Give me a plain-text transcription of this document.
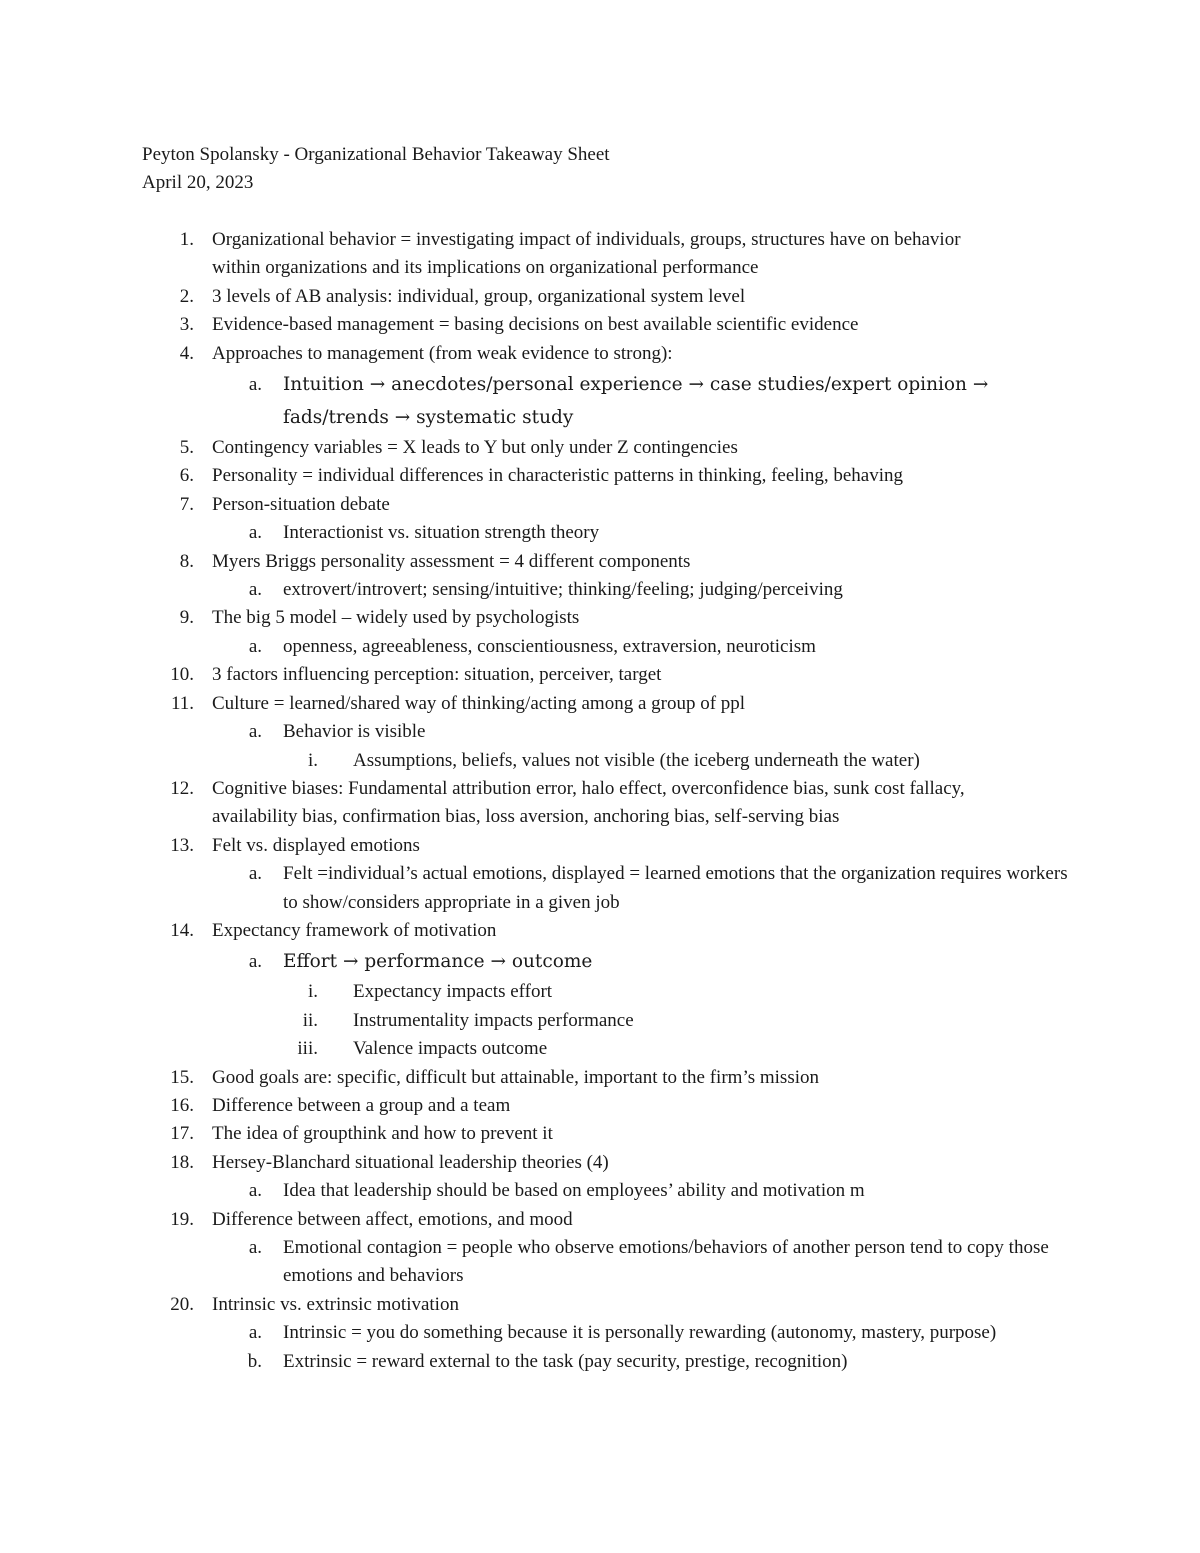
Peyton Spolansky - Organizational Behavior Takeaway Sheet
April 20, 2023
1. Organizational behavior = investigating impact of individuals, groups, structures have on behavior within organizations and its implications on organizational performance
2. 3 levels of AB analysis: individual, group, organizational system level
3. Evidence-based management = basing decisions on best available scientific evidence
4. Approaches to management (from weak evidence to strong):
a. Intuition → anecdotes/personal experience → case studies/expert opinion → fads/trends → systematic study
5. Contingency variables = X leads to Y but only under Z contingencies
6. Personality = individual differences in characteristic patterns in thinking, feeling, behaving
7. Person-situation debate
a. Interactionist vs. situation strength theory
8. Myers Briggs personality assessment = 4 different components
a. extrovert/introvert; sensing/intuitive; thinking/feeling; judging/perceiving
9. The big 5 model – widely used by psychologists
a. openness, agreeableness, conscientiousness, extraversion, neuroticism
10. 3 factors influencing perception: situation, perceiver, target
11. Culture = learned/shared way of thinking/acting among a group of ppl
a. Behavior is visible
i. Assumptions, beliefs, values not visible (the iceberg underneath the water)
12. Cognitive biases: Fundamental attribution error, halo effect, overconfidence bias, sunk cost fallacy, availability bias, confirmation bias, loss aversion, anchoring bias, self-serving bias
13. Felt vs. displayed emotions
a. Felt =individual’s actual emotions, displayed = learned emotions that the organization requires workers to show/considers appropriate in a given job
14. Expectancy framework of motivation
a. Effort → performance → outcome
i. Expectancy impacts effort
ii. Instrumentality impacts performance
iii. Valence impacts outcome
15. Good goals are: specific, difficult but attainable, important to the firm’s mission
16. Difference between a group and a team
17. The idea of groupthink and how to prevent it
18. Hersey-Blanchard situational leadership theories (4)
a. Idea that leadership should be based on employees’ ability and motivation m
19. Difference between affect, emotions, and mood
a. Emotional contagion = people who observe emotions/behaviors of another person tend to copy those emotions and behaviors
20. Intrinsic vs. extrinsic motivation
a. Intrinsic = you do something because it is personally rewarding (autonomy, mastery, purpose)
b. Extrinsic = reward external to the task (pay security, prestige, recognition)
